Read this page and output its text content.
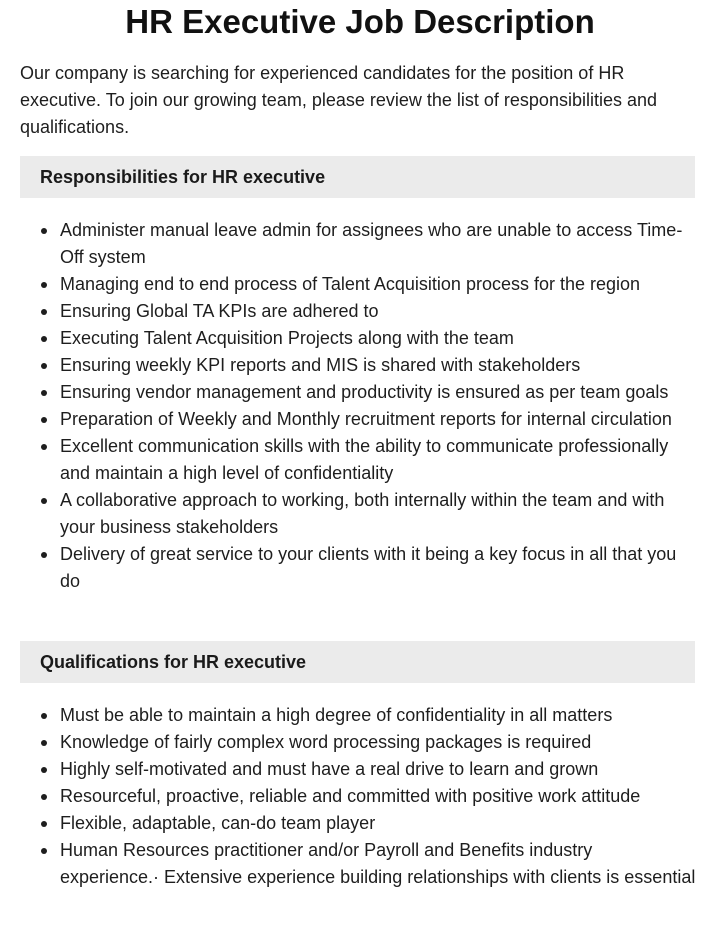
HR Executive Job Description

Our company is searching for experienced candidates for the position of HR executive. To join our growing team, please review the list of responsibilities and qualifications.

Responsibilities for HR executive
Administer manual leave admin for assignees who are unable to access Time-Off system
Managing end to end process of Talent Acquisition process for the region
Ensuring Global TA KPIs are adhered to
Executing Talent Acquisition Projects along with the team
Ensuring weekly KPI reports and MIS is shared with stakeholders
Ensuring vendor management and productivity is ensured as per team goals
Preparation of Weekly and Monthly recruitment reports for internal circulation
Excellent communication skills with the ability to communicate professionally and maintain a high level of confidentiality
A collaborative approach to working, both internally within the team and with your business stakeholders
Delivery of great service to your clients with it being a key focus in all that you do
Qualifications for HR executive
Must be able to maintain a high degree of confidentiality in all matters
Knowledge of fairly complex word processing packages is required
Highly self-motivated and must have a real drive to learn and grown
Resourceful, proactive, reliable and committed with positive work attitude
Flexible, adaptable, can-do team player
Human Resources practitioner and/or Payroll and Benefits industry experience.· Extensive experience building relationships with clients is essential
